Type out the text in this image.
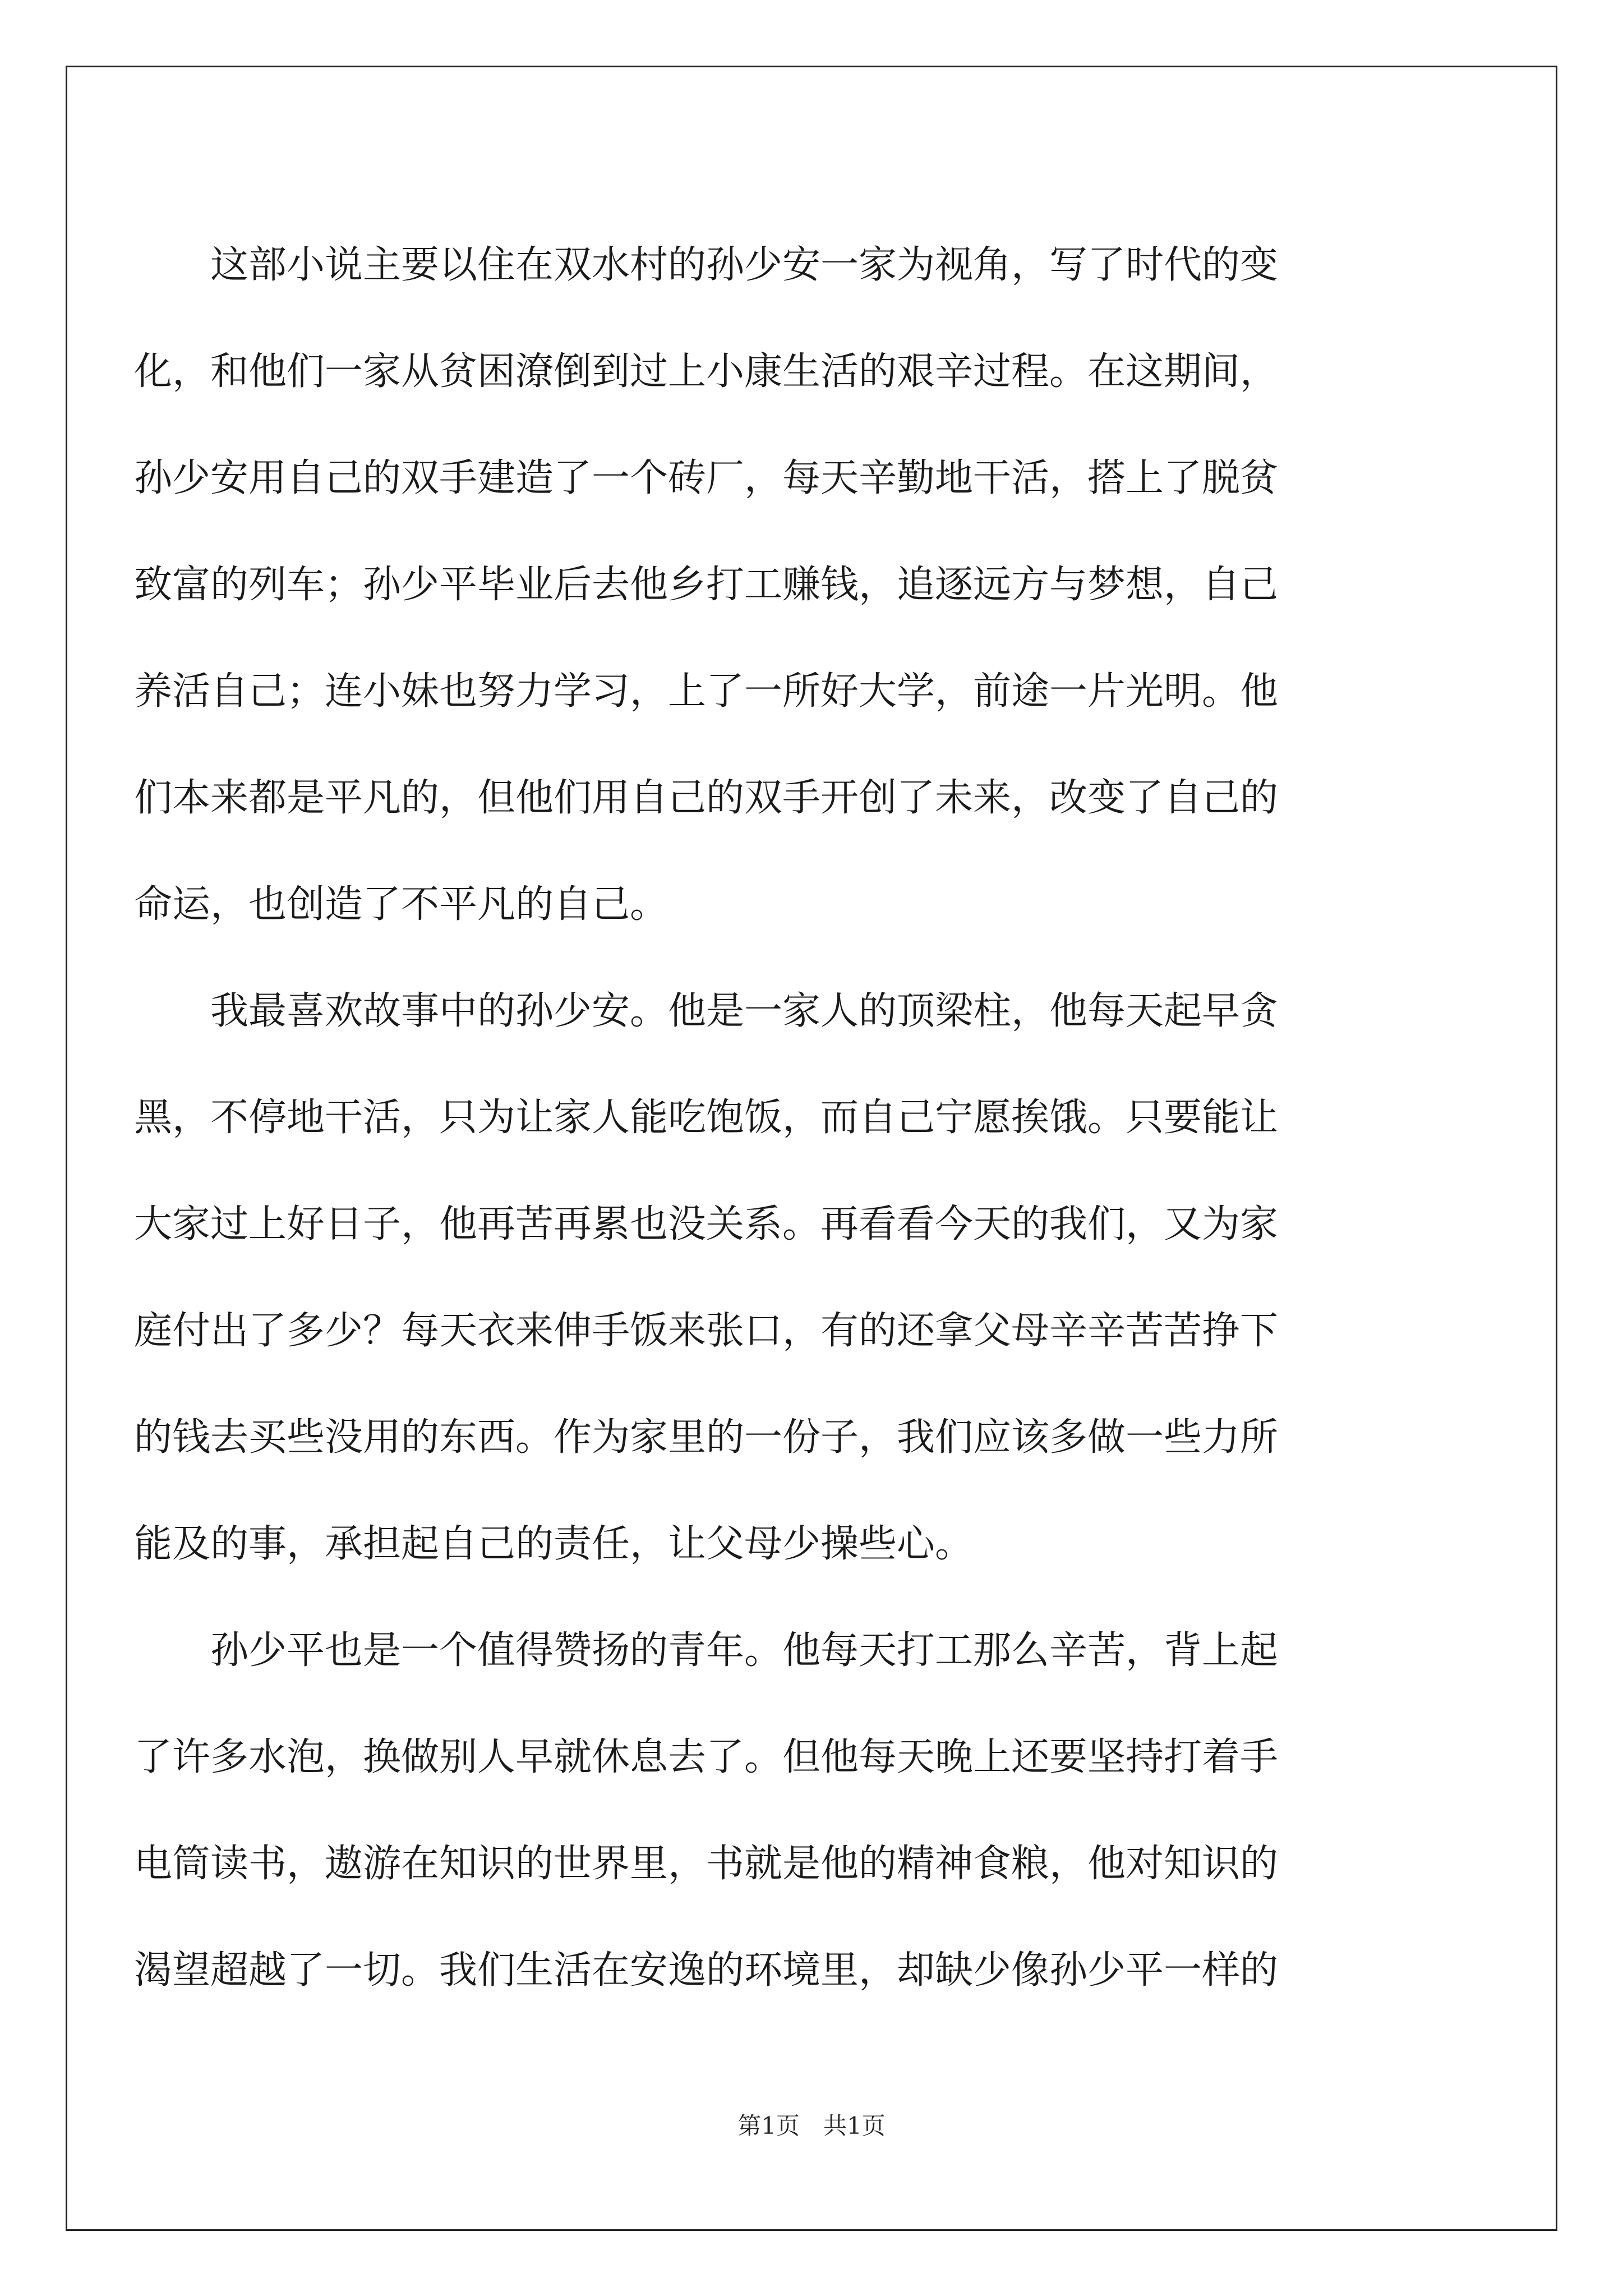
　　这部小说主要以住在双水村的孙少安一家为视角，写了时代的变
化，和他们一家从贫困潦倒到过上小康生活的艰辛过程。在这期间，
孙少安用自己的双手建造了一个砖厂，每天辛勤地干活，搭上了脱贫
致富的列车；孙少平毕业后去他乡打工赚钱，追逐远方与梦想，自己
养活自己；连小妹也努力学习，上了一所好大学，前途一片光明。他
们本来都是平凡的，但他们用自己的双手开创了未来，改变了自己的
命运，也创造了不平凡的自己。
　　我最喜欢故事中的孙少安。他是一家人的顶梁柱，他每天起早贪
黑，不停地干活，只为让家人能吃饱饭，而自己宁愿挨饿。只要能让
大家过上好日子，他再苦再累也没关系。再看看今天的我们，又为家
庭付出了多少？每天衣来伸手饭来张口，有的还拿父母辛辛苦苦挣下
的钱去买些没用的东西。作为家里的一份子，我们应该多做一些力所
能及的事，承担起自己的责任，让父母少操些心。
　　孙少平也是一个值得赞扬的青年。他每天打工那么辛苦，背上起
了许多水泡，换做别人早就休息去了。但他每天晚上还要坚持打着手
电筒读书，遨游在知识的世界里，书就是他的精神食粮，他对知识的
渴望超越了一切。我们生活在安逸的环境里，却缺少像孙少平一样的
第1页　共1页
